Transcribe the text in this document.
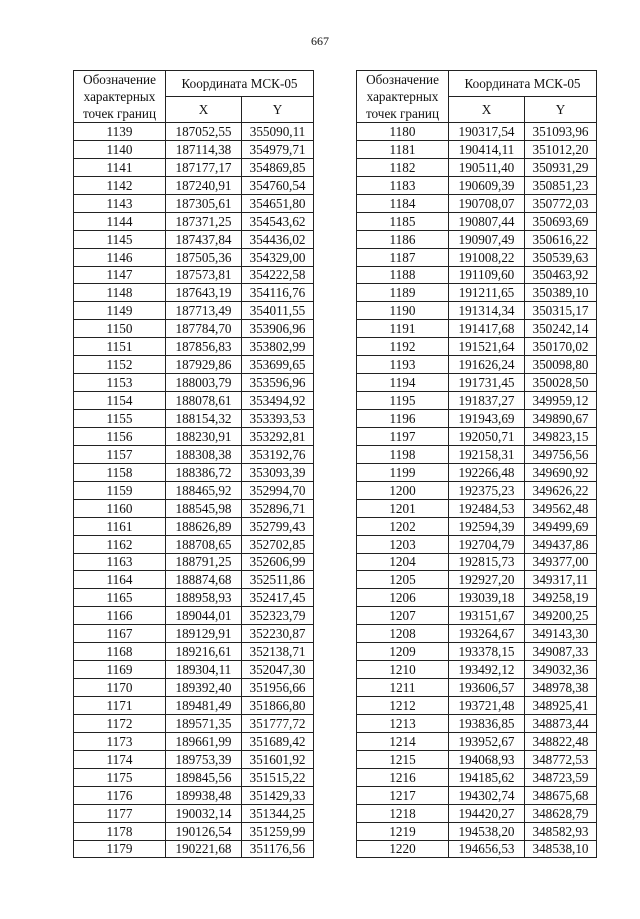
667
Обозначение характерных точек границ	Координата МСК-05	
	X	Y
1139	187052,55	355090,11
1140	187114,38	354979,71
1141	187177,17	354869,85
1142	187240,91	354760,54
1143	187305,61	354651,80
1144	187371,25	354543,62
1145	187437,84	354436,02
1146	187505,36	354329,00
1147	187573,81	354222,58
1148	187643,19	354116,76
1149	187713,49	354011,55
1150	187784,70	353906,96
1151	187856,83	353802,99
1152	187929,86	353699,65
1153	188003,79	353596,96
1154	188078,61	353494,92
1155	188154,32	353393,53
1156	188230,91	353292,81
1157	188308,38	353192,76
1158	188386,72	353093,39
1159	188465,92	352994,70
1160	188545,98	352896,71
1161	188626,89	352799,43
1162	188708,65	352702,85
1163	188791,25	352606,99
1164	188874,68	352511,86
1165	188958,93	352417,45
1166	189044,01	352323,79
1167	189129,91	352230,87
1168	189216,61	352138,71
1169	189304,11	352047,30
1170	189392,40	351956,66
1171	189481,49	351866,80
1172	189571,35	351777,72
1173	189661,99	351689,42
1174	189753,39	351601,92
1175	189845,56	351515,22
1176	189938,48	351429,33
1177	190032,14	351344,25
1178	190126,54	351259,99
1179	190221,68	351176,56
Обозначение характерных точек границ	Координата МСК-05	
	X	Y
1180	190317,54	351093,96
1181	190414,11	351012,20
1182	190511,40	350931,29
1183	190609,39	350851,23
1184	190708,07	350772,03
1185	190807,44	350693,69
1186	190907,49	350616,22
1187	191008,22	350539,63
1188	191109,60	350463,92
1189	191211,65	350389,10
1190	191314,34	350315,17
1191	191417,68	350242,14
1192	191521,64	350170,02
1193	191626,24	350098,80
1194	191731,45	350028,50
1195	191837,27	349959,12
1196	191943,69	349890,67
1197	192050,71	349823,15
1198	192158,31	349756,56
1199	192266,48	349690,92
1200	192375,23	349626,22
1201	192484,53	349562,48
1202	192594,39	349499,69
1203	192704,79	349437,86
1204	192815,73	349377,00
1205	192927,20	349317,11
1206	193039,18	349258,19
1207	193151,67	349200,25
1208	193264,67	349143,30
1209	193378,15	349087,33
1210	193492,12	349032,36
1211	193606,57	348978,38
1212	193721,48	348925,41
1213	193836,85	348873,44
1214	193952,67	348822,48
1215	194068,93	348772,53
1216	194185,62	348723,59
1217	194302,74	348675,68
1218	194420,27	348628,79
1219	194538,20	348582,93
1220	194656,53	348538,10
